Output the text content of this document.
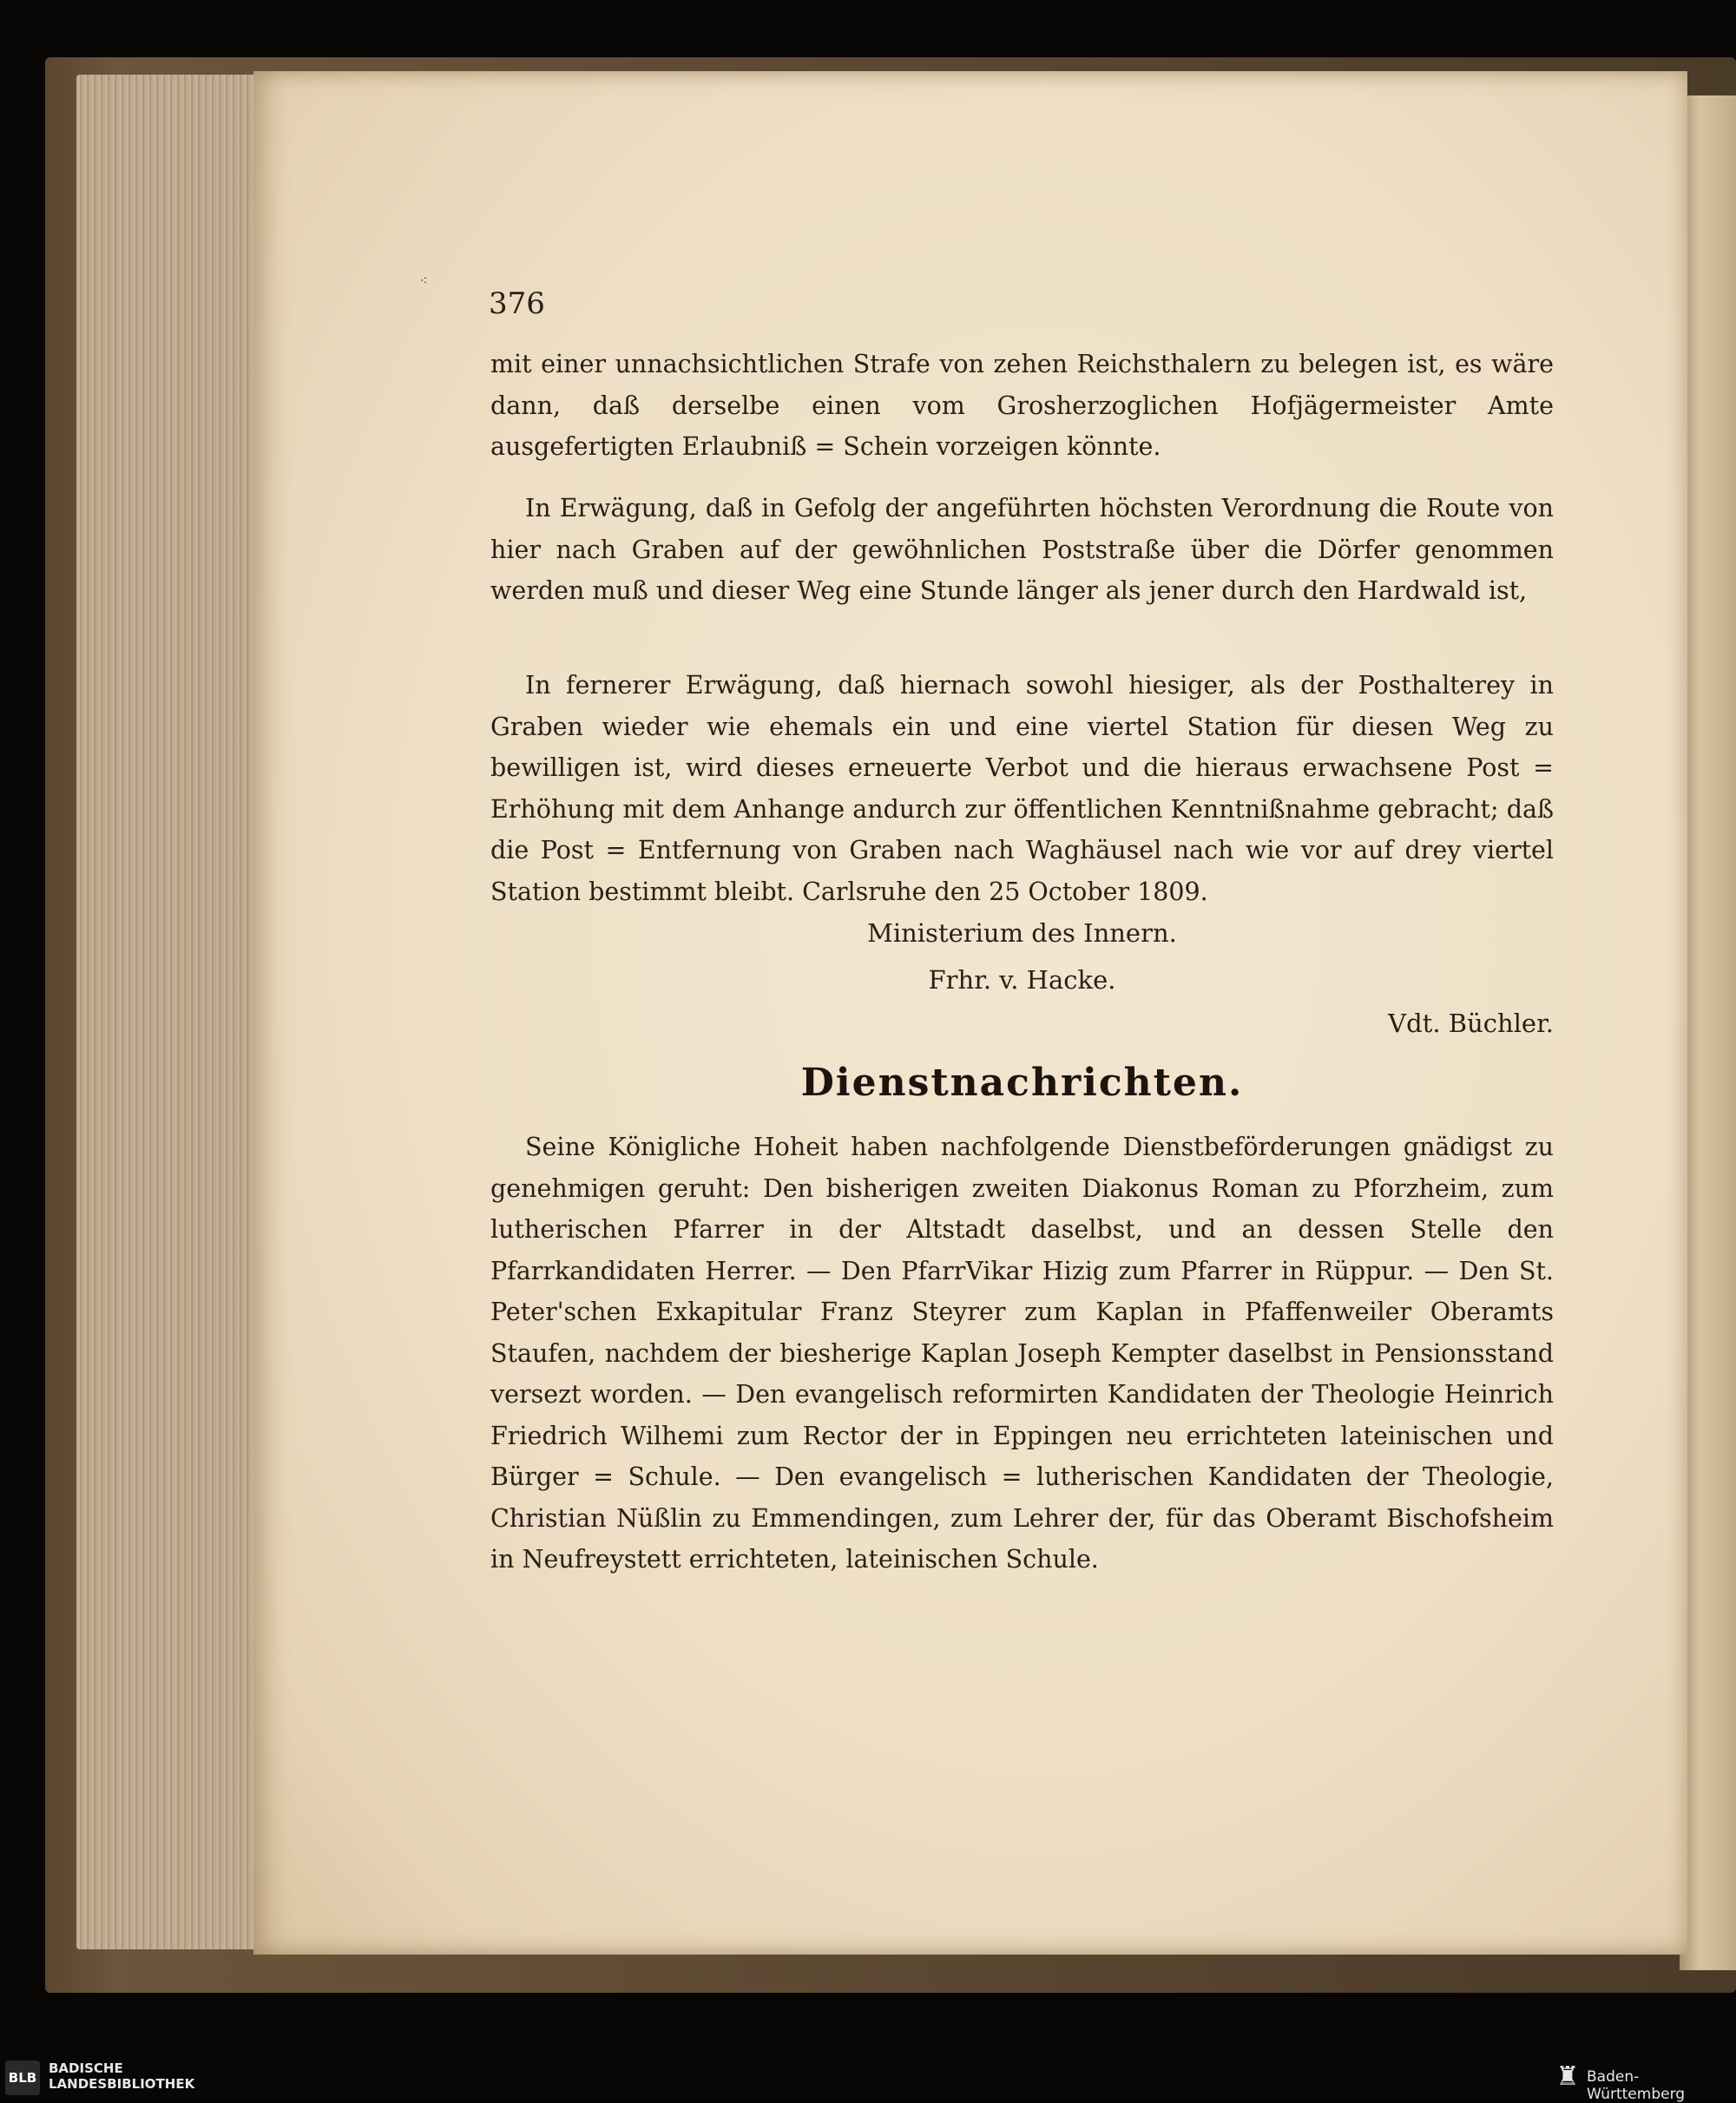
⁖
376

mit einer unnachsichtlichen Strafe von zehen Reichsthalern zu belegen ist, es wäre dann, daß derselbe einen vom Grosherzoglichen Hofjägermeister Amte ausgefertigten Erlaubniß = Schein vorzeigen könnte.

In Erwägung, daß in Gefolg der angeführten höchsten Verordnung die Route von hier nach Graben auf der gewöhnlichen Poststraße über die Dörfer genommen werden muß und dieser Weg eine Stunde länger als jener durch den Hardwald ist,

In fernerer Erwägung, daß hiernach sowohl hiesiger, als der Posthalterey in Graben wieder wie ehemals ein und eine viertel Station für diesen Weg zu bewilligen ist, wird dieses erneuerte Verbot und die hieraus erwachsene Post = Erhöhung mit dem Anhange andurch zur öffentlichen Kenntnißnahme gebracht; daß die Post = Entfernung von Graben nach Waghäusel nach wie vor auf drey viertel Station bestimmt bleibt. Carlsruhe den 25 October 1809.

Ministerium des Innern.

Frhr. v. Hacke.

Vdt. Büchler.

Dienstnachrichten.

Seine Königliche Hoheit haben nachfolgende Dienstbeförderungen gnädigst zu genehmigen geruht: Den bisherigen zweiten Diakonus Roman zu Pforzheim, zum lutherischen Pfarrer in der Altstadt daselbst, und an dessen Stelle den Pfarrkandidaten Herrer. — Den PfarrVikar Hizig zum Pfarrer in Rüppur. — Den St. Peter'schen Exkapitular Franz Steyrer zum Kaplan in Pfaffenweiler Oberamts Staufen, nachdem der biesherige Kaplan Joseph Kempter daselbst in Pensionsstand versezt worden. — Den evangelisch reformirten Kandidaten der Theologie Heinrich Friedrich Wilhemi zum Rector der in Eppingen neu errichteten lateinischen und Bürger = Schule. — Den evangelisch = lutherischen Kandidaten der Theologie, Christian Nüßlin zu Emmendingen, zum Lehrer der, für das Oberamt Bischofsheim in Neufreystett errichteten, lateinischen Schule.

BLB
BADISCHE
LANDESBIBLIOTHEK	♜ Baden-Württemberg
